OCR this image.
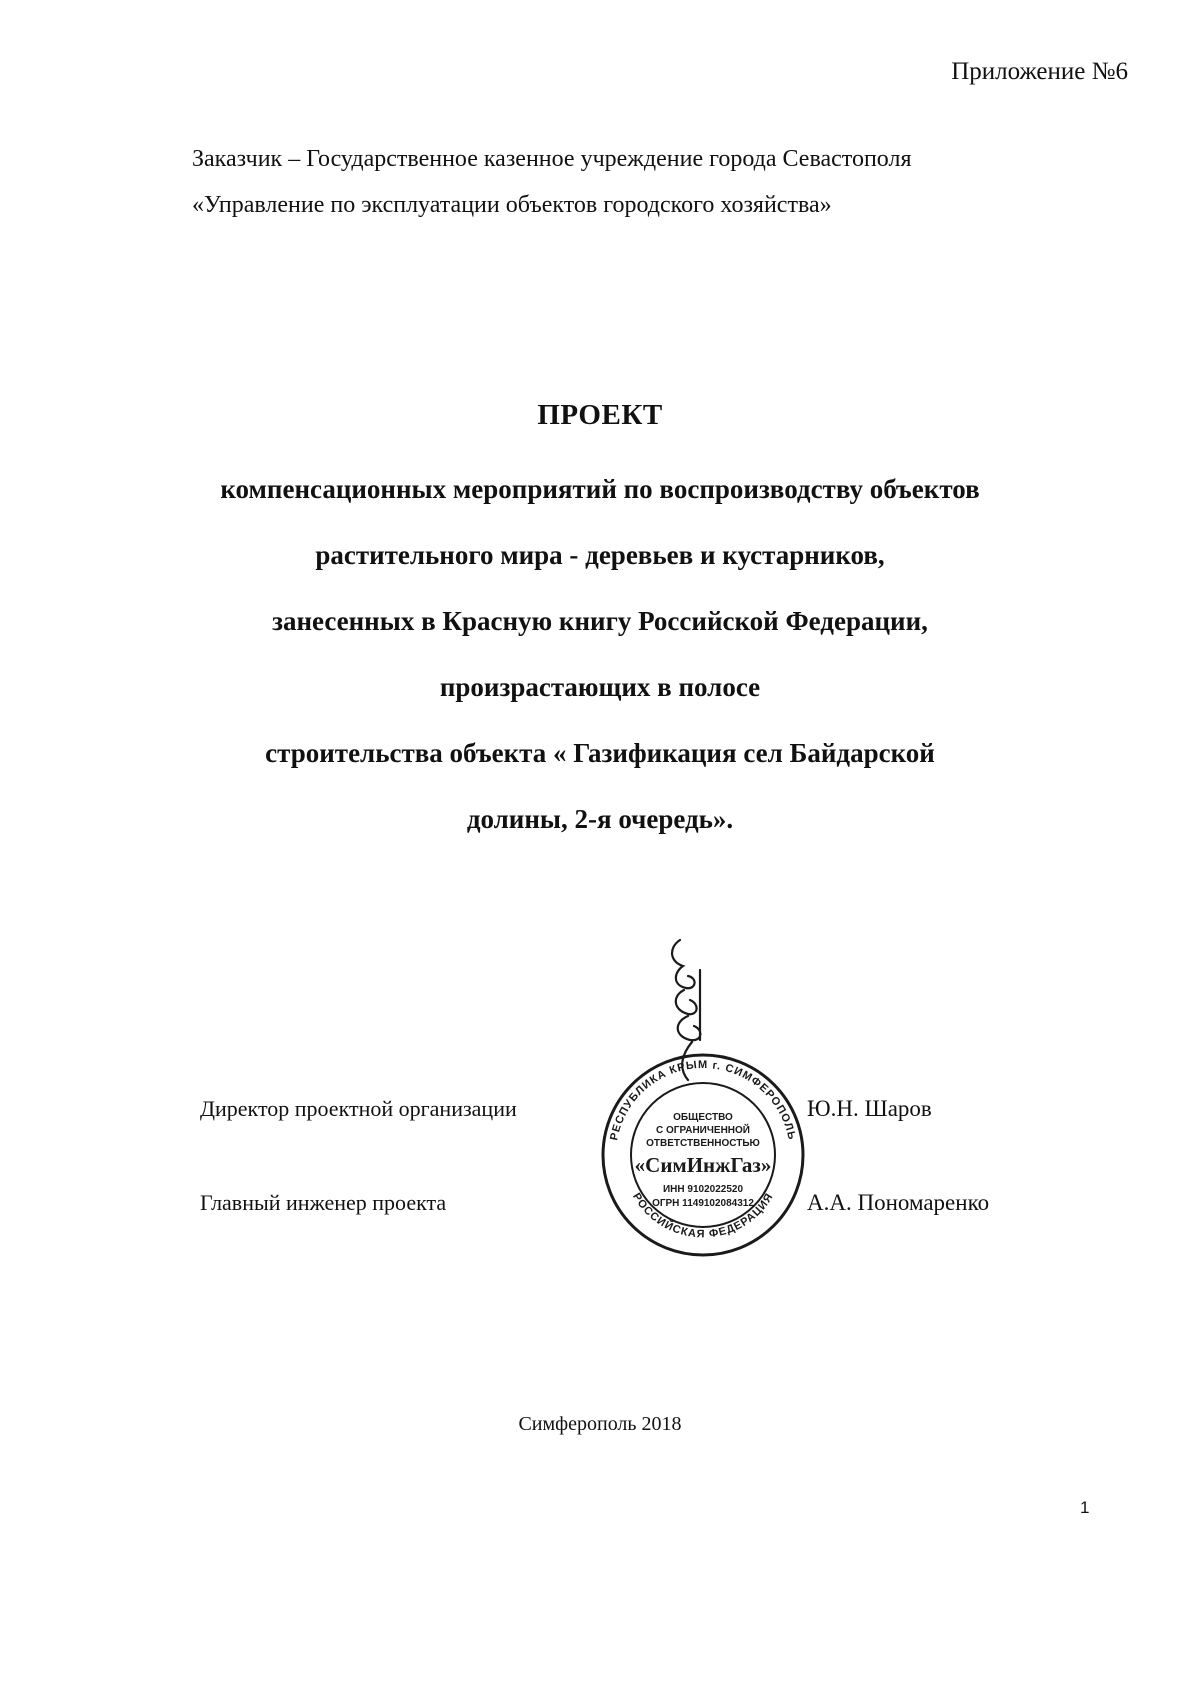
Приложение №6
Заказчик – Государственное казенное учреждение города Севастополя
«Управление по эксплуатации объектов городского хозяйства»
ПРОЕКТ
компенсационных мероприятий по воспроизводству объектов
растительного мира - деревьев и кустарников,
занесенных в Красную книгу Российской Федерации,
произрастающих в полосе
строительства объекта « Газификация сел Байдарской
долины, 2-я очередь».
Директор проектной организации	Ю.Н. Шаров
Главный инженер проекта	А.А. Пономаренко
РЕСПУБЛИКА КРЫМ г. СИМФЕРОПОЛЬ
РОССИЙСКАЯ ФЕДЕРАЦИЯ
ОБЩЕСТВО
С ОГРАНИЧЕННОЙ
ОТВЕТСТВЕННОСТЬЮ
«СимИнжГаз»
ИНН 9102022520
ОГРН 1149102084312
Симферополь 2018
1
